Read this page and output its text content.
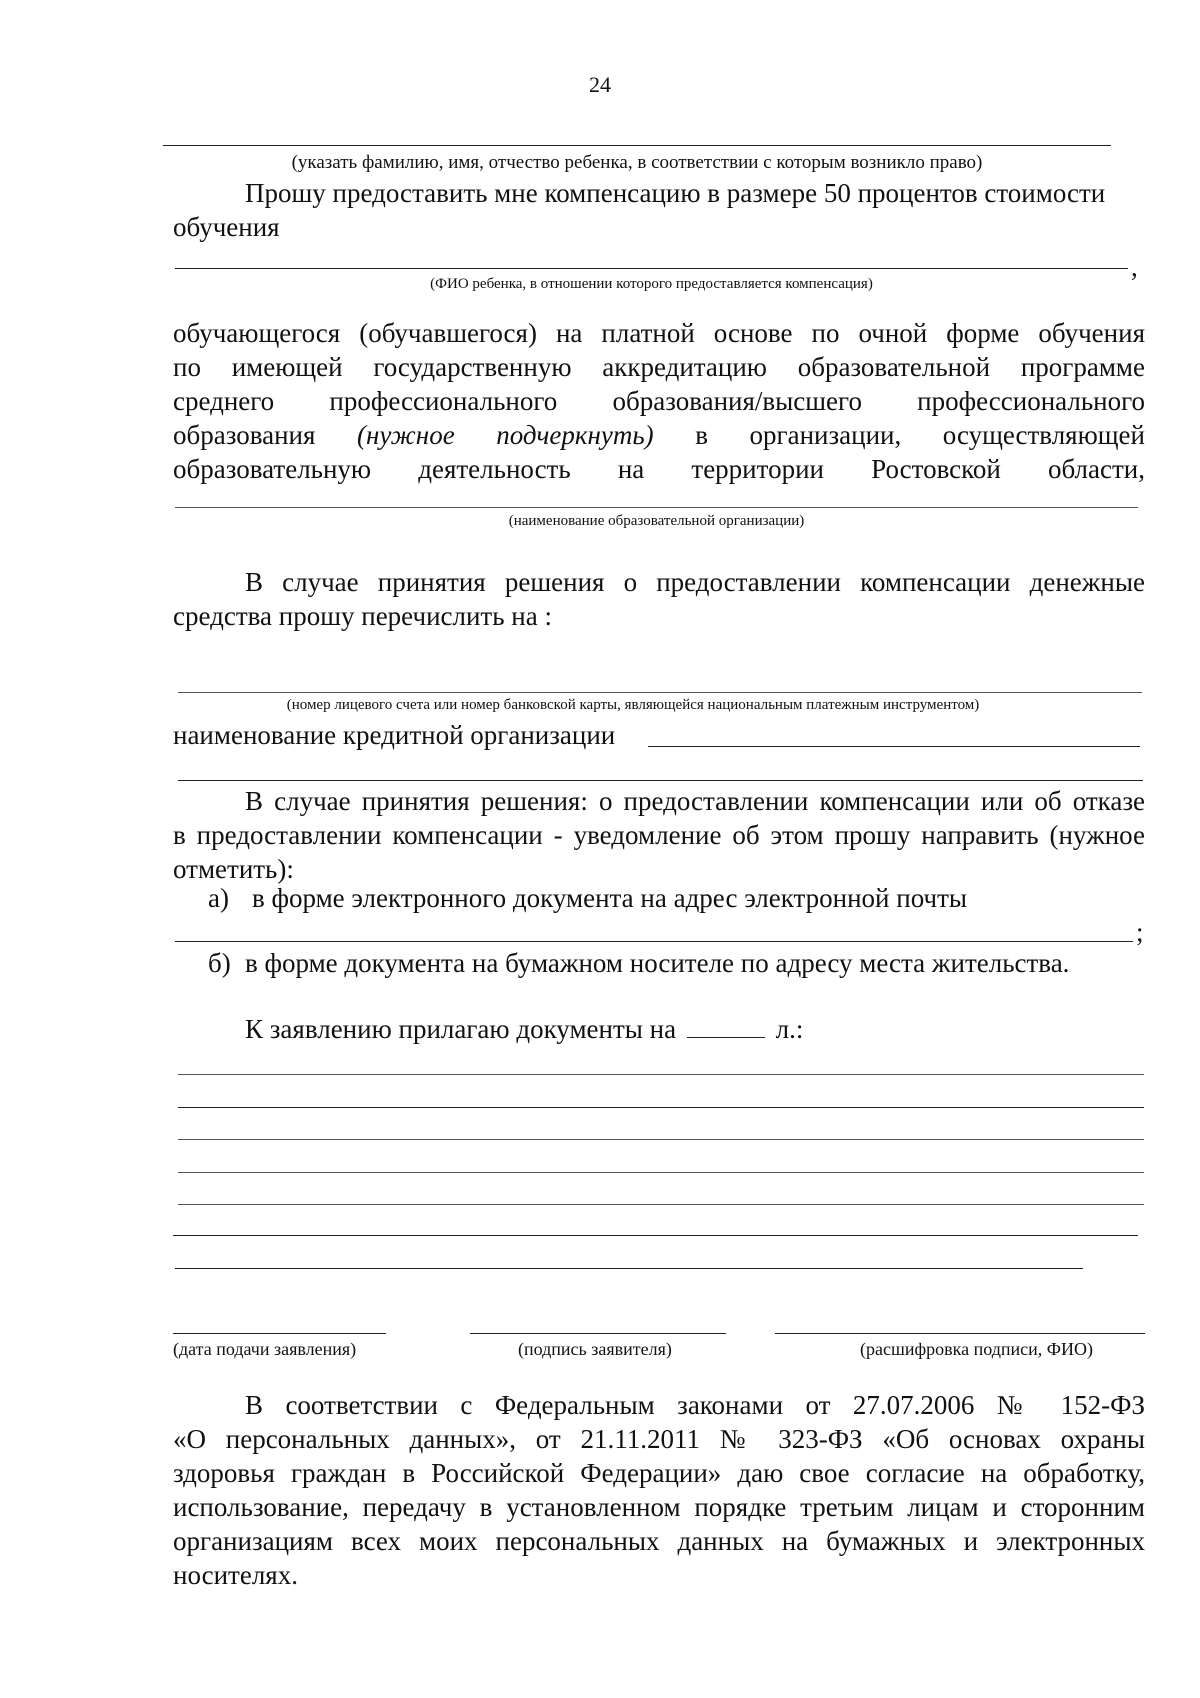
24
(указать фамилию, имя, отчество ребенка, в соответствии с которым возникло право)
Прошу предоставить мне компенсацию в размере 50 процентов стоимости
обучения
,
(ФИО ребенка, в отношении которого предоставляется компенсация)
обучающегося (обучавшегося) на платной основе по очной форме обучения
по имеющей государственную аккредитацию образовательной программе
среднего профессионального образования/высшего профессионального
образования (нужное подчеркнуть) в организации, осуществляющей
образовательную деятельность на территории Ростовской области,
(наименование образовательной организации)
В случае принятия решения о предоставлении компенсации денежные
средства прошу перечислить на :
(номер лицевого счета или номер банковской карты, являющейся национальным платежным инструментом)
наименование кредитной организации
В случае принятия решения: о предоставлении компенсации или об отказе
в предоставлении компенсации - уведомление об этом прошу направить (нужное
отметить):
а) в форме электронного документа на адрес электронной почты
;
б) в форме документа на бумажном носителе по адресу места жительства.
К заявлению прилагаю документы на	л.:
(дата подачи заявления)	(подпись заявителя)	(расшифровка подписи, ФИО)
В соответствии с Федеральным законами от 27.07.2006 № 152-ФЗ
«О персональных данных», от 21.11.2011 № 323-ФЗ «Об основах охраны
здоровья граждан в Российской Федерации» даю свое согласие на обработку,
использование, передачу в установленном порядке третьим лицам и сторонним
организациям всех моих персональных данных на бумажных и электронных
носителях.
